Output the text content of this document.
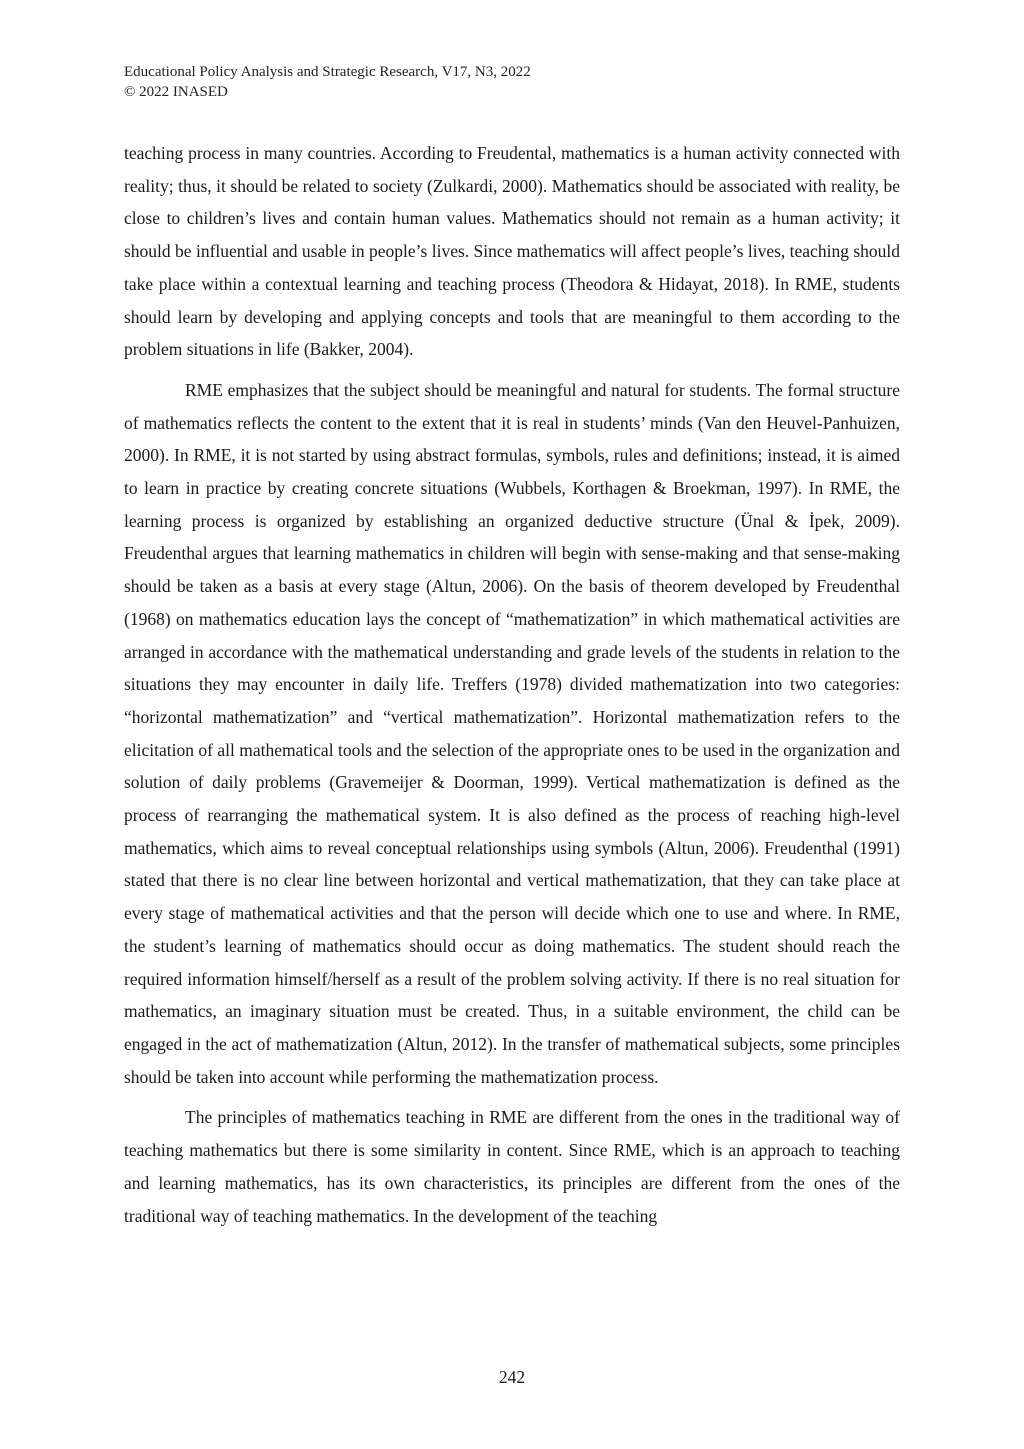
Educational Policy Analysis and Strategic Research, V17, N3, 2022
© 2022 INASED

teaching process in many countries. According to Freudental, mathematics is a human activity connected with reality; thus, it should be related to society (Zulkardi, 2000). Mathematics should be associated with reality, be close to children’s lives and contain human values. Mathematics should not remain as a human activity; it should be influential and usable in people’s lives. Since mathematics will affect people’s lives, teaching should take place within a contextual learning and teaching process (Theodora & Hidayat, 2018). In RME, students should learn by developing and applying concepts and tools that are meaningful to them according to the problem situations in life (Bakker, 2004).

RME emphasizes that the subject should be meaningful and natural for students. The formal structure of mathematics reflects the content to the extent that it is real in students’ minds (Van den Heuvel-Panhuizen, 2000). In RME, it is not started by using abstract formulas, symbols, rules and definitions; instead, it is aimed to learn in practice by creating concrete situations (Wubbels, Korthagen & Broekman, 1997). In RME, the learning process is organized by establishing an organized deductive structure (Ünal & İpek, 2009). Freudenthal argues that learning mathematics in children will begin with sense-making and that sense-making should be taken as a basis at every stage (Altun, 2006). On the basis of theorem developed by Freudenthal (1968) on mathematics education lays the concept of “mathematization” in which mathematical activities are arranged in accordance with the mathematical understanding and grade levels of the students in relation to the situations they may encounter in daily life. Treffers (1978) divided mathematization into two categories: “horizontal mathematization” and “vertical mathematization”. Horizontal mathematization refers to the elicitation of all mathematical tools and the selection of the appropriate ones to be used in the organization and solution of daily problems (Gravemeijer & Doorman, 1999). Vertical mathematization is defined as the process of rearranging the mathematical system. It is also defined as the process of reaching high-level mathematics, which aims to reveal conceptual relationships using symbols (Altun, 2006). Freudenthal (1991) stated that there is no clear line between horizontal and vertical mathematization, that they can take place at every stage of mathematical activities and that the person will decide which one to use and where. In RME, the student’s learning of mathematics should occur as doing mathematics. The student should reach the required information himself/herself as a result of the problem solving activity. If there is no real situation for mathematics, an imaginary situation must be created. Thus, in a suitable environment, the child can be engaged in the act of mathematization (Altun, 2012). In the transfer of mathematical subjects, some principles should be taken into account while performing the mathematization process.

The principles of mathematics teaching in RME are different from the ones in the traditional way of teaching mathematics but there is some similarity in content. Since RME, which is an approach to teaching and learning mathematics, has its own characteristics, its principles are different from the ones of the traditional way of teaching mathematics. In the development of the teaching

242
